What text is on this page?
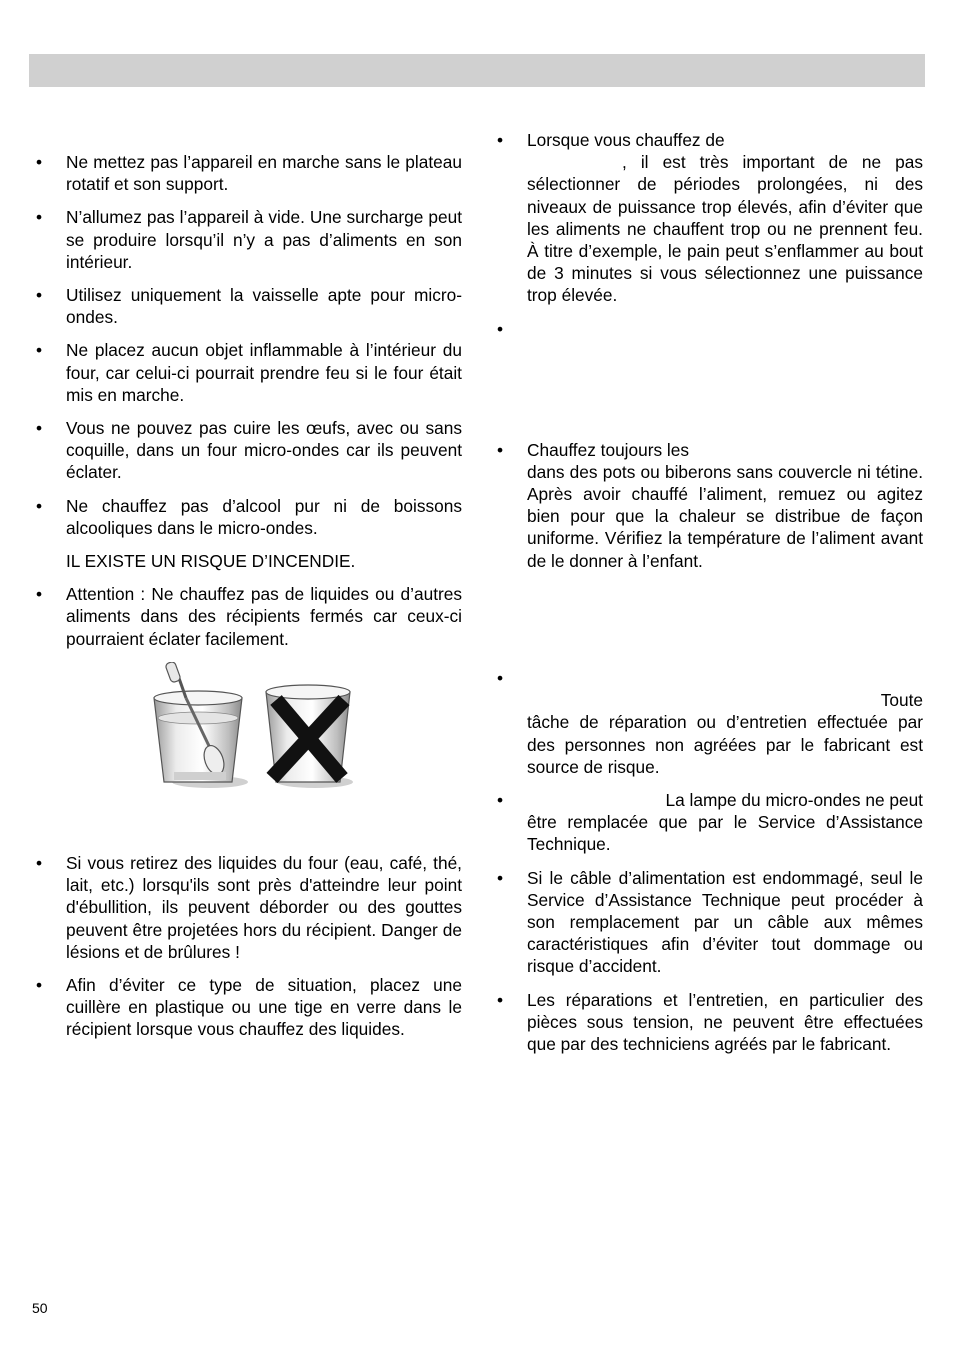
•	Ne mettez pas l’appareil en marche sans le plateau rotatif et son support.
•	N’allumez pas l’appareil à vide. Une surcharge peut se produire lorsqu’il n’y a pas d’aliments en son intérieur.
•	Utilisez uniquement la vaisselle apte pour micro-ondes.
•	Ne placez aucun objet inflammable à l’intérieur du four, car celui-ci pourrait prendre feu si le four était mis en marche.
•	Vous ne pouvez pas cuire les œufs, avec ou sans coquille, dans un four micro-ondes car ils peuvent éclater.
•	Ne chauffez pas d’alcool pur ni de boissons alcooliques dans le micro-ondes.
IL EXISTE UN RISQUE D’INCENDIE.
•	Attention : Ne chauffez pas de liquides ou d’autres aliments dans des récipients fermés car ceux-ci pourraient éclater facilement.
•	Si vous retirez des liquides du four (eau, café, thé, lait, etc.) lorsqu'ils sont près d'atteindre leur point d'ébullition, ils peuvent déborder ou des gouttes peuvent être projetées hors du récipient. Danger de lésions et de brûlures !
•	Afin d’éviter ce type de situation, placez une cuillère en plastique ou une tige en verre dans le récipient lorsque vous chauffez des liquides.
•	Lorsque vous chauffez de
, il est très important de ne pas sélectionner de périodes prolongées, ni des niveaux de puissance trop élevés, afin d’éviter que les aliments ne chauffent trop ou ne prennent feu. À titre d’exemple, le pain peut s’enflammer au bout de 3 minutes si vous sélectionnez une puissance trop élevée.
•
•	Chauffez toujours les
dans des pots ou biberons sans couvercle ni tétine. Après avoir chauffé l’aliment, remuez ou agitez bien pour que la chaleur se distribue de façon uniforme. Vérifiez la température de l’aliment avant de le donner à l’enfant.
•
Toute
tâche de réparation ou d’entretien effectuée par des personnes non agréées par le fabricant est source de risque.
•	La lampe du micro-ondes ne peut
être remplacée que par le Service d’Assistance Technique.
•	Si le câble d’alimentation est endommagé, seul le Service d’Assistance Technique peut procéder à son remplacement par un câble aux mêmes caractéristiques afin d’éviter tout dommage ou risque d’accident.
•	Les réparations et l’entretien, en particulier des pièces sous tension, ne peuvent être effectuées que par des techniciens agréés par le fabricant.
50
